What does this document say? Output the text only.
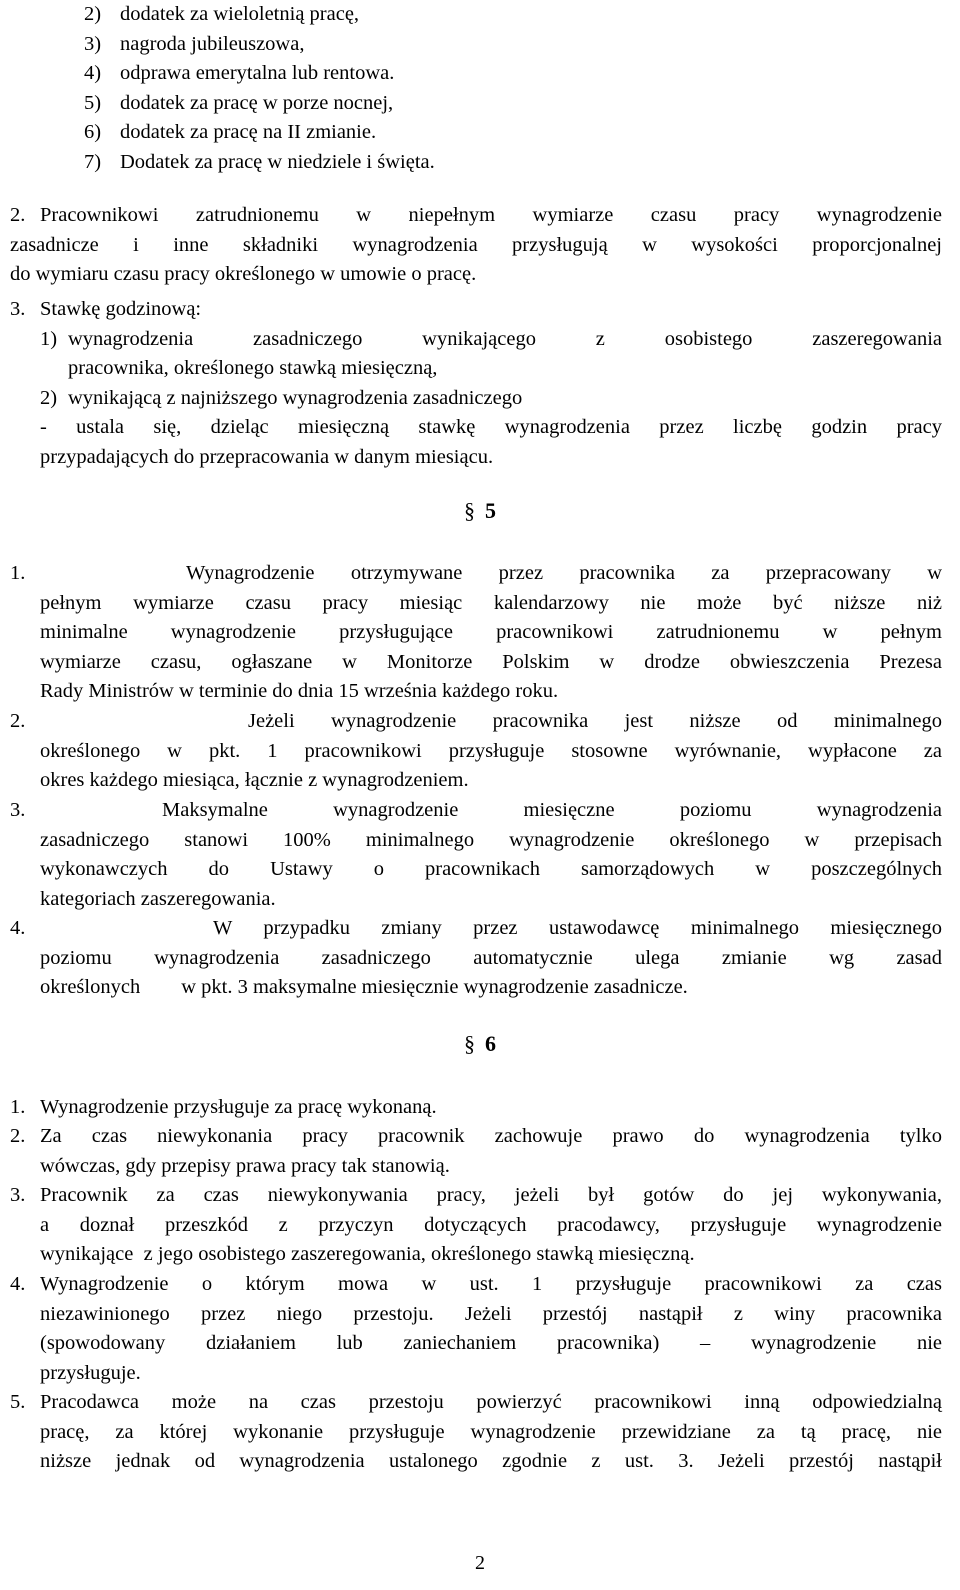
2) dodatek za wieloletnią pracę,
3) nagroda jubileuszowa,
4) odprawa emerytalna lub rentowa.
5) dodatek za pracę w porze nocnej,
6) dodatek za pracę na II zmianie.
7) Dodatek za pracę w niedziele i święta.
2. Pracownikowi zatrudnionemu w niepełnym wymiarze czasu pracy wynagrodzenie
zasadnicze i inne składniki wynagrodzenia przysługują w wysokości proporcjonalnej
do wymiaru czasu pracy określonego w umowie o pracę.
3. Stawkę godzinową:
1) wynagrodzenia zasadniczego wynikającego z osobistego zaszeregowania
pracownika, określonego stawką miesięczną,
2) wynikającą z najniższego wynagrodzenia zasadniczego
- ustala się, dzieląc miesięczną stawkę wynagrodzenia przez liczbę godzin pracy
przypadających do przepracowania w danym miesiącu.
§ 5
1.	Wynagrodzenie otrzymywane przez pracownika za przepracowany w
pełnym wymiarze czasu pracy miesiąc kalendarzowy nie może być niższe niż
minimalne wynagrodzenie przysługujące pracownikowi zatrudnionemu w pełnym
wymiarze czasu, ogłaszane w Monitorze Polskim w drodze obwieszczenia Prezesa
Rady Ministrów w terminie do dnia 15 września każdego roku.
2.	Jeżeli wynagrodzenie pracownika jest niższe od minimalnego
określonego w pkt. 1 pracownikowi przysługuje stosowne wyrównanie, wypłacone za
okres każdego miesiąca, łącznie z wynagrodzeniem.
3.	Maksymalne wynagrodzenie miesięczne poziomu wynagrodzenia
zasadniczego stanowi 100% minimalnego wynagrodzenie określonego w przepisach
wykonawczych do Ustawy o pracownikach samorządowych w poszczególnych
kategoriach zaszeregowania.
4.	W przypadku zmiany przez ustawodawcę minimalnego miesięcznego
poziomu wynagrodzenia zasadniczego automatycznie ulega zmianie wg zasad
określonych        w pkt. 3 maksymalne miesięcznie wynagrodzenie zasadnicze.
§ 6
1. Wynagrodzenie przysługuje za pracę wykonaną.
2. Za czas niewykonania pracy pracownik zachowuje prawo do wynagrodzenia tylko
wówczas, gdy przepisy prawa pracy tak stanowią.
3. Pracownik za czas niewykonywania pracy, jeżeli był gotów do jej wykonywania,
a doznał przeszkód z przyczyn dotyczących pracodawcy, przysługuje wynagrodzenie
wynikające  z jego osobistego zaszeregowania, określonego stawką miesięczną.
4. Wynagrodzenie o którym mowa w ust. 1 przysługuje pracownikowi za czas
niezawinionego przez niego przestoju. Jeżeli przestój nastąpił z winy pracownika
(spowodowany działaniem lub zaniechaniem pracownika) – wynagrodzenie nie
przysługuje.
5. Pracodawca może na czas przestoju powierzyć pracownikowi inną odpowiedzialną
pracę, za której wykonanie przysługuje wynagrodzenie przewidziane za tą pracę, nie
niższe jednak od wynagrodzenia ustalonego zgodnie z ust. 3. Jeżeli przestój nastąpił
2
